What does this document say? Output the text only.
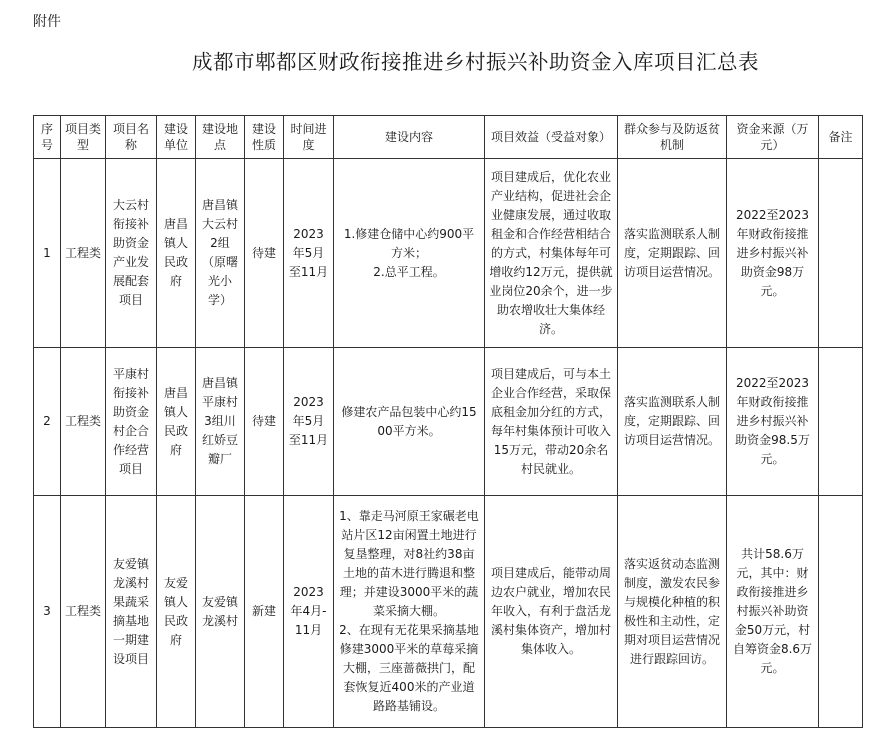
附件
成都市郫都区财政衔接推进乡村振兴补助资金入库项目汇总表
序号	项目类型	项目名称	建设单位	建设地点	建设性质	时间进度	建设内容	项目效益（受益对象）	群众参与及防返贫机制	资金来源（万元）	备注
1	工程类	大云村衔接补助资金产业发展配套项目	唐昌镇人民政府	唐昌镇大云村2组（原曙光小学）	待建	2023年5月至11月	1.修建仓储中心约900平方米；
2.总平工程。	项目建成后，优化农业产业结构，促进社会企业健康发展，通过收取租金和合作经营相结合的方式，村集体每年可增收约12万元，提供就业岗位20余个，进一步助农增收壮大集体经济。	落实监测联系人制度，定期跟踪、回访项目运营情况。	2022至2023年财政衔接推进乡村振兴补助资金98万元。	
2	工程类	平康村衔接补助资金村企合作经营项目	唐昌镇人民政府	唐昌镇平康村3组川红娇豆瓣厂	待建	2023年5月至11月	修建农产品包装中心约1500平方米。	项目建成后，可与本土企业合作经营，采取保底租金加分红的方式，每年村集体预计可收入15万元，带动20余名村民就业。	落实监测联系人制度，定期跟踪、回访项目运营情况。	2022至2023年财政衔接推进乡村振兴补助资金98.5万元。	
3	工程类	友爱镇龙溪村果蔬采摘基地一期建设项目	友爱镇人民政府	友爱镇龙溪村	新建	2023年4月-11月	1、靠走马河原王家碾老电站片区12亩闲置土地进行复垦整理，对8社约38亩土地的苗木进行腾退和整理；并建设3000平米的蔬菜采摘大棚。
2、在现有无花果采摘基地修建3000平米的草莓采摘大棚，三座蔷薇拱门，配套恢复近400米的产业道路路基铺设。	项目建成后，能带动周边农户就业，增加农民年收入，有利于盘活龙溪村集体资产，增加村集体收入。	落实返贫动态监测制度，激发农民参与规模化种植的积极性和主动性，定期对项目运营情况进行跟踪回访。	共计58.6万元，其中：财政衔接推进乡村振兴补助资金50万元，村自筹资金8.6万元。	
